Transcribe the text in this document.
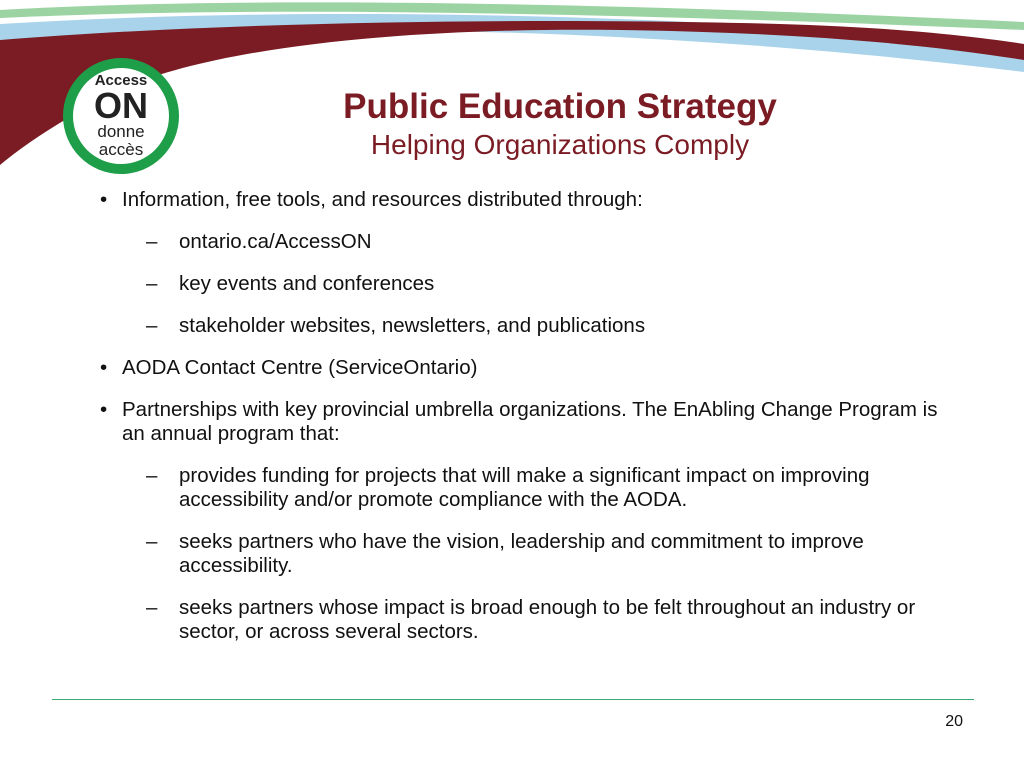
Access
ON
donne
accès
Public Education Strategy
Helping Organizations Comply
• Information, free tools, and resources distributed through:
– ontario.ca/AccessON
– key events and conferences
– stakeholder websites, newsletters, and publications
• AODA Contact Centre (ServiceOntario)
• Partnerships with key provincial umbrella organizations. The EnAbling Change Program is an annual program that:
– provides funding for projects that will make a significant impact on improving accessibility and/or promote compliance with the AODA.
– seeks partners who have the vision, leadership and commitment to improve accessibility.
– seeks partners whose impact is broad enough to be felt throughout an industry or sector, or across several sectors.
20
